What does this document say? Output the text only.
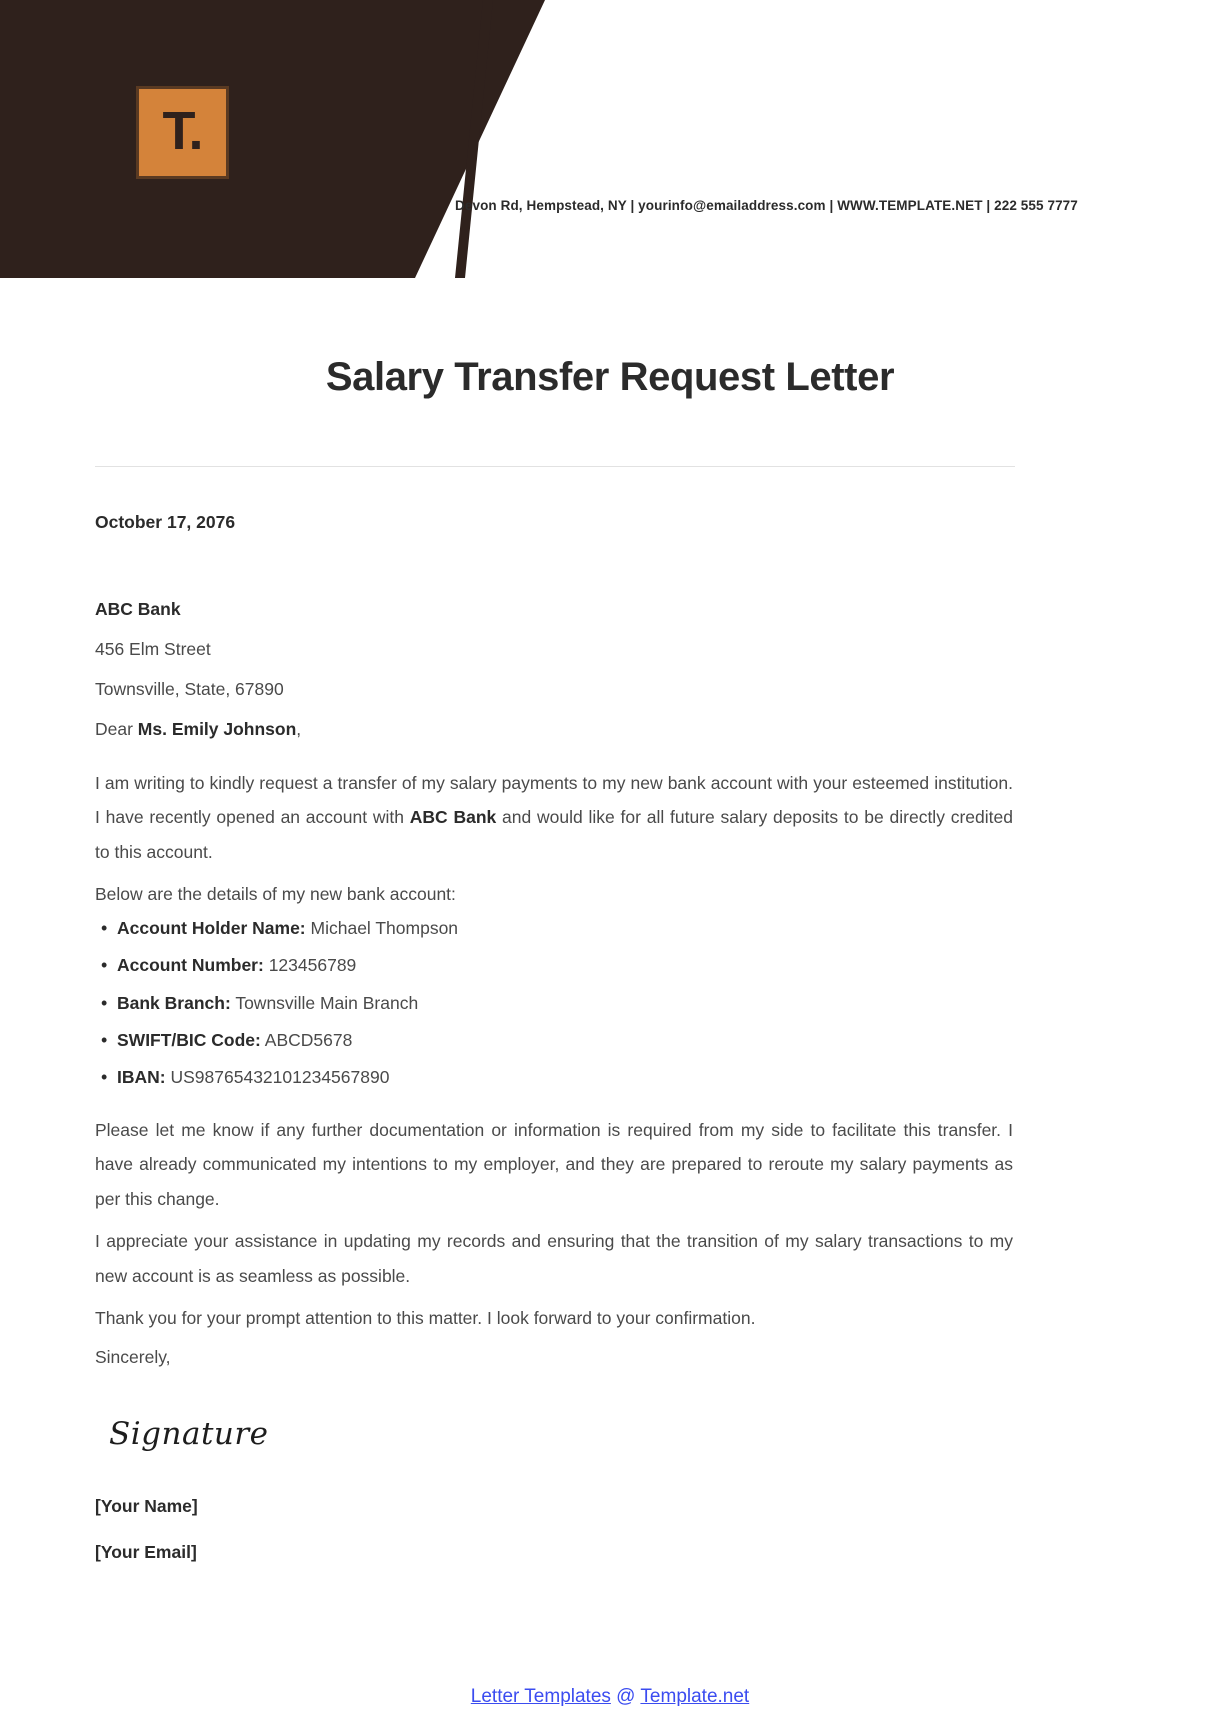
T.
Devon Rd, Hempstead, NY | yourinfo@emailaddress.com | WWW.TEMPLATE.NET | 222 555 7777
Salary Transfer Request Letter

October 17, 2076

ABC Bank

456 Elm Street

Townsville, State, 67890

Dear Ms. Emily Johnson,

I am writing to kindly request a transfer of my salary payments to my new bank account with your esteemed institution. I have recently opened an account with ABC Bank and would like for all future salary deposits to be directly credited to this account.

Below are the details of my new bank account:

• Account Holder Name: Michael Thompson
• Account Number: 123456789
• Bank Branch: Townsville Main Branch
• SWIFT/BIC Code: ABCD5678
• IBAN: US98765432101234567890

Please let me know if any further documentation or information is required from my side to facilitate this transfer. I have already communicated my intentions to my employer, and they are prepared to reroute my salary payments as per this change.

I appreciate your assistance in updating my records and ensuring that the transition of my salary transactions to my new account is as seamless as possible.

Thank you for your prompt attention to this matter. I look forward to your confirmation.

Sincerely,

Signature

[Your Name]

[Your Email]

Letter Templates @ Template.net
